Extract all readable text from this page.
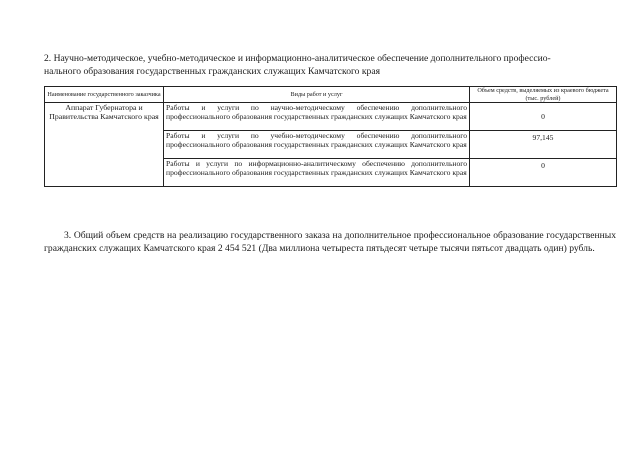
2. Научно-методическое, учебно-методическое и информационно-аналитическое обеспечение дополнительного профессио-
нального образования государственных гражданских служащих Камчатского края
Наименование государственного заказчика	Виды работ и услуг	Объем средств, выделяемых из краевого бюджета (тыс. рублей)
Аппарат Губернатора и Правительства Камчатского края	Работы и услуги по научно-методическому обеспечению дополнительного профессионального образования государственных гражданских служащих Камчатского края	0
	Работы и услуги по учебно-методическому обеспечению дополнительного профессионального образования государственных гражданских служащих Камчатского края	97,145
	Работы и услуги по информационно-аналитическому обеспечению дополнительного профессионального образования государственных гражданских служащих Камчатского края	0

3. Общий объем средств на реализацию государственного заказа на дополнительное профессиональное образование государственных гражданских служащих Камчатского края 2 454 521 (Два миллиона четыреста пятьдесят четыре тысячи пятьсот двадцать один) рубль.
